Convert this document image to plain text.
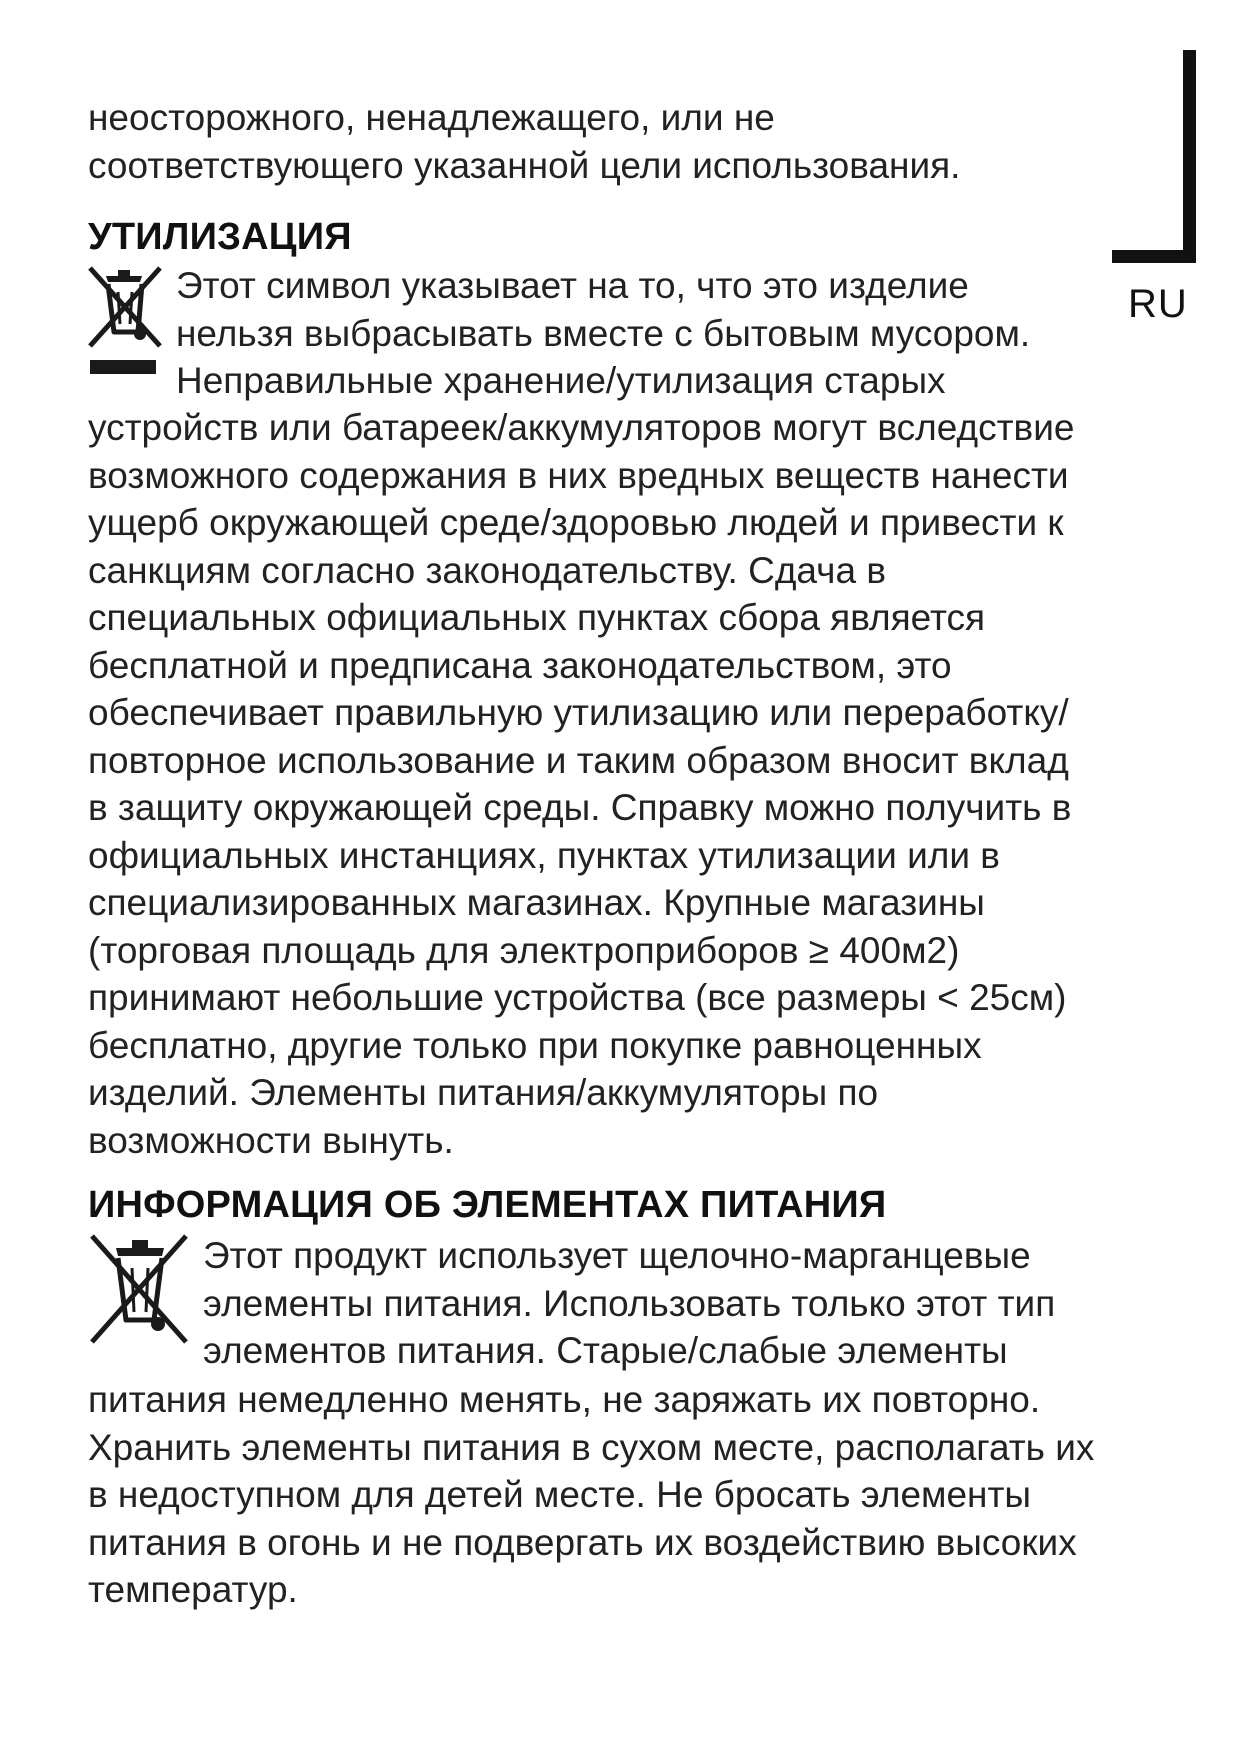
RU
неосторожного, ненадлежащего, или не
соответствующего указанной цели использования.
УТИЛИЗАЦИЯ
Этот символ указывает на то, что это изделие
нельзя выбрасывать вместе с бытовым мусором.
Неправильные хранение/утилизация старых
устройств или батареек/аккумуляторов могут вследствие
возможного содержания в них вредных веществ нанести
ущерб окружающей среде/здоровью людей и привести к
санкциям согласно законодательству. Сдача в
специальных официальных пунктах сбора является
бесплатной и предписана законодательством, это
обеспечивает правильную утилизацию или переработку/
повторное использование и таким образом вносит вклад
в защиту окружающей среды. Справку можно получить в
официальных инстанциях, пунктах утилизации или в
специализированных магазинах. Крупные магазины
(торговая площадь для электроприборов ≥ 400м2)
принимают небольшие устройства (все размеры < 25см)
бесплатно, другие только при покупке равноценных
изделий. Элементы питания/аккумуляторы по
возможности вынуть.
ИНФОРМАЦИЯ ОБ ЭЛЕМЕНТАХ ПИТАНИЯ
Этот продукт использует щелочно-марганцевые
элементы питания. Использовать только этот тип
элементов питания. Старые/слабые элементы
питания немедленно менять, не заряжать их повторно.
Хранить элементы питания в сухом месте, располагать их
в недоступном для детей месте. Не бросать элементы
питания в огонь и не подвергать их воздействию высоких
температур.
